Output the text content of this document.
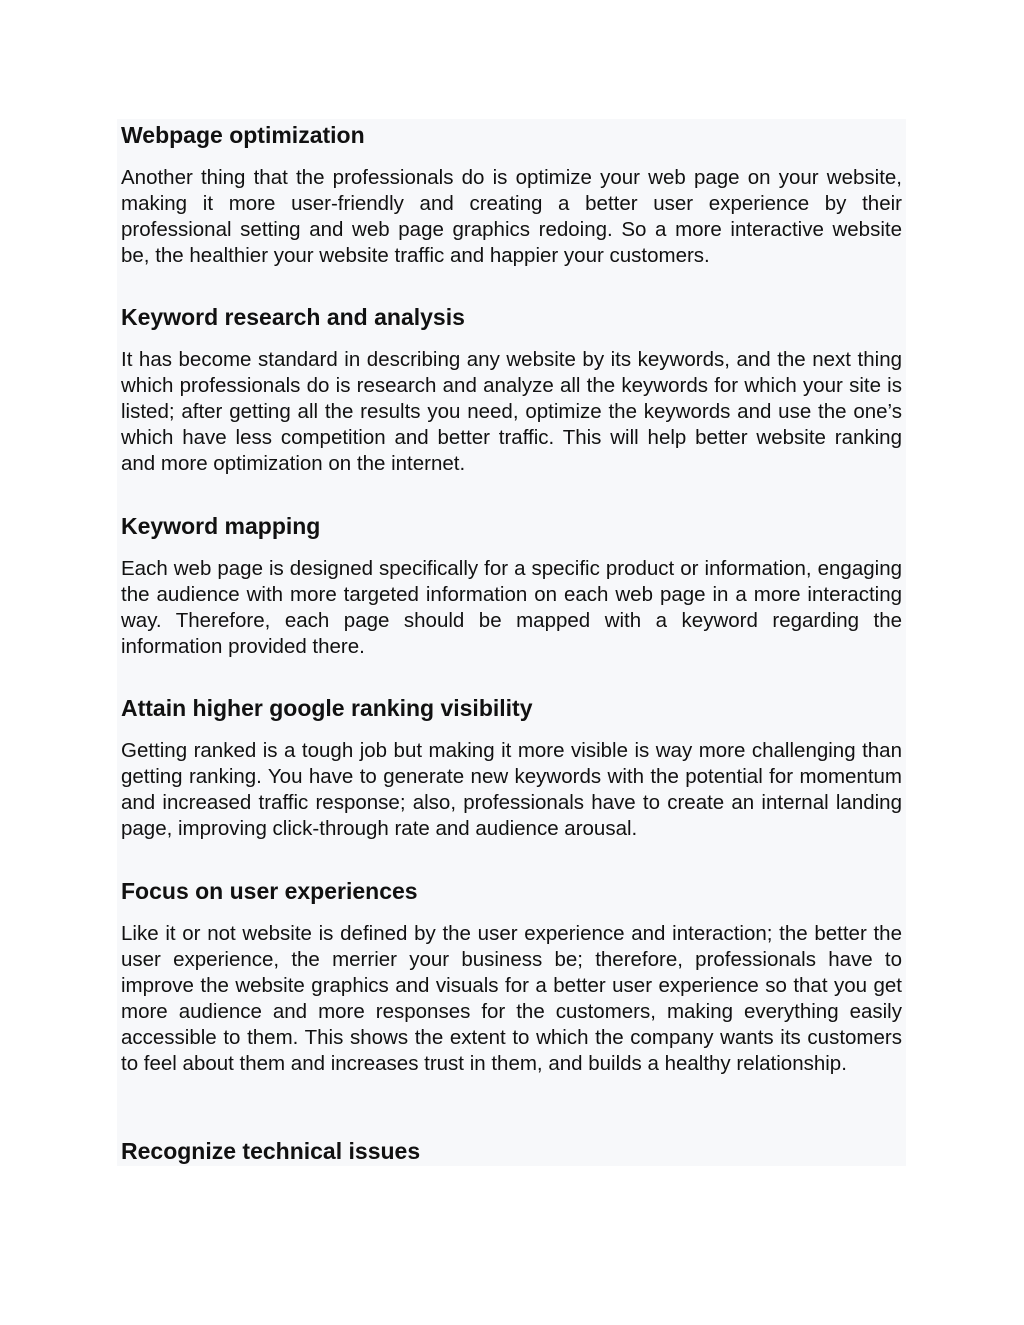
Webpage optimization

Another thing that the professionals do is optimize your web page on your website, making it more user-friendly and creating a better user experience by their professional setting and web page graphics redoing. So a more interactive website be, the healthier your website traffic and happier your customers.

Keyword research and analysis

It has become standard in describing any website by its keywords, and the next thing which professionals do is research and analyze all the keywords for which your site is listed; after getting all the results you need, optimize the keywords and use the one’s which have less competition and better traffic. This will help better website ranking and more optimization on the internet.

Keyword mapping

Each web page is designed specifically for a specific product or information, engaging the audience with more targeted information on each web page in a more interacting way. Therefore, each page should be mapped with a keyword regarding the information provided there.

Attain higher google ranking visibility

Getting ranked is a tough job but making it more visible is way more challenging than getting ranking. You have to generate new keywords with the potential for momentum and increased traffic response; also, professionals have to create an internal landing page, improving click-through rate and audience arousal.

Focus on user experiences

Like it or not website is defined by the user experience and interaction; the better the user experience, the merrier your business be; therefore, professionals have to improve the website graphics and visuals for a better user experience so that you get more audience and more responses for the customers, making everything easily accessible to them. This shows the extent to which the company wants its customers to feel about them and increases trust in them, and builds a healthy relationship.

Recognize technical issues
